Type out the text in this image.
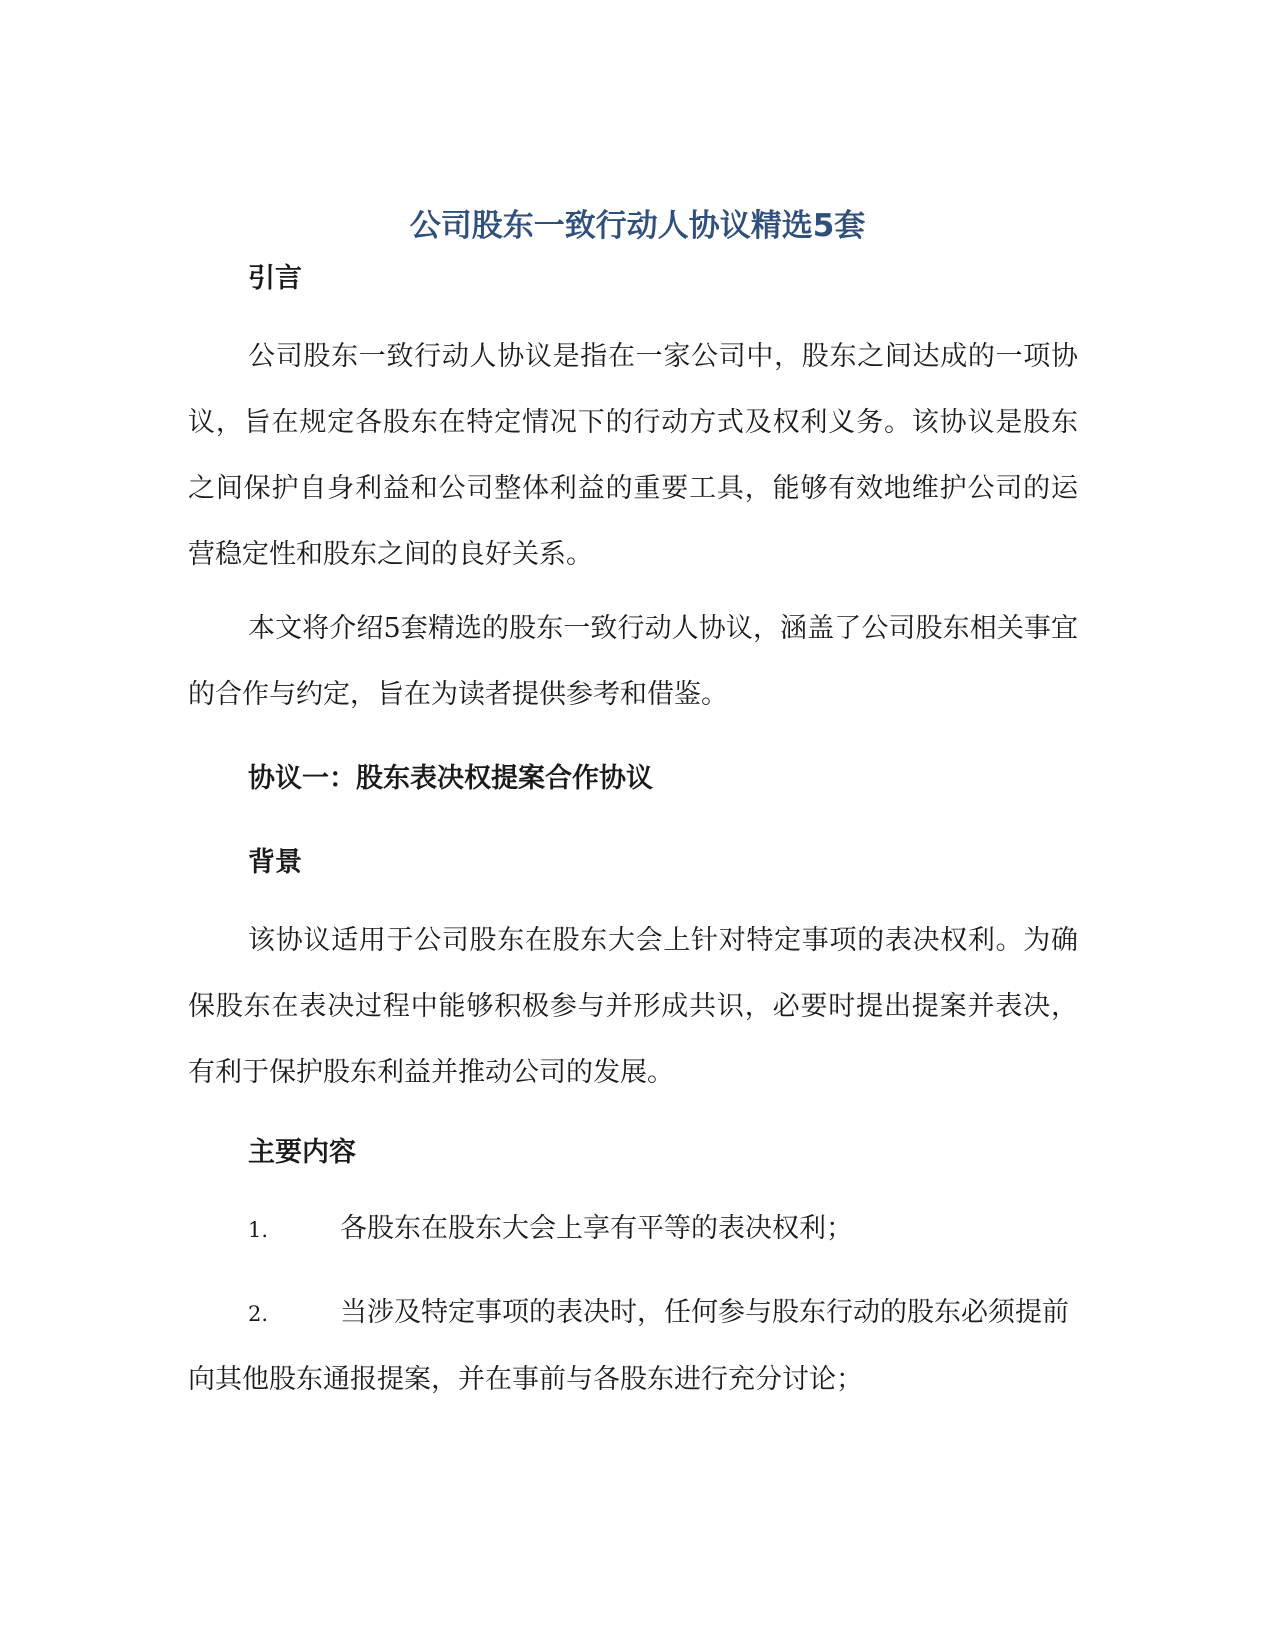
公司股东一致行动人协议精选5套
引言

公司股东一致行动人协议是指在一家公司中，股东之间达成的一项协议，旨在规定各股东在特定情况下的行动方式及权利义务。该协议是股东之间保护自身利益和公司整体利益的重要工具，能够有效地维护公司的运营稳定性和股东之间的良好关系。

本文将介绍5套精选的股东一致行动人协议，涵盖了公司股东相关事宜的合作与约定，旨在为读者提供参考和借鉴。

协议一：股东表决权提案合作协议
背景

该协议适用于公司股东在股东大会上针对特定事项的表决权利。为确保股东在表决过程中能够积极参与并形成共识，必要时提出提案并表决，有利于保护股东利益并推动公司的发展。

主要内容

1.	各股东在股东大会上享有平等的表决权利；

2.	当涉及特定事项的表决时，任何参与股东行动的股东必须提前向其他股东通报提案，并在事前与各股东进行充分讨论；
